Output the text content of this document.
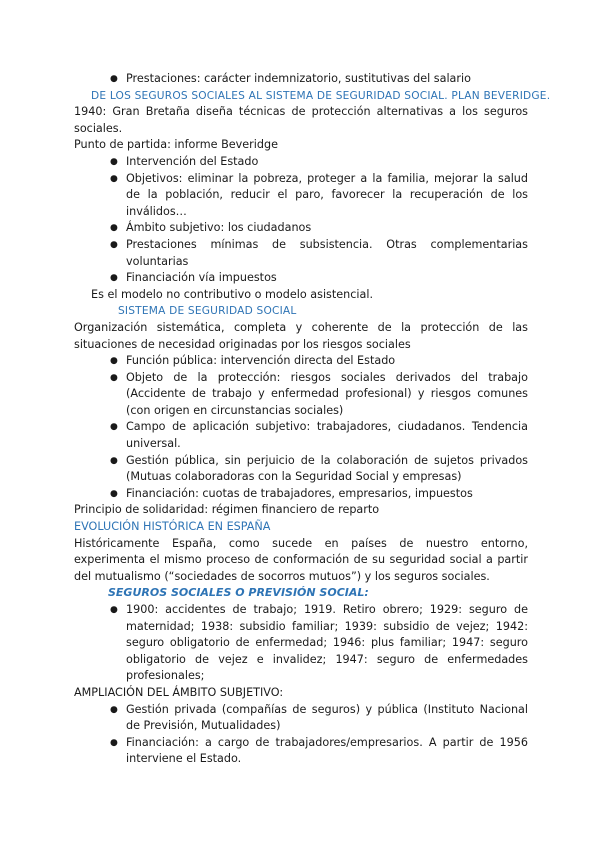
● Prestaciones: carácter indemnizatorio, sustitutivas del salario

DE LOS SEGUROS SOCIALES AL SISTEMA DE SEGURIDAD SOCIAL. PLAN BEVERIDGE.

1940: Gran Bretaña diseña técnicas de protección alternativas a los seguros sociales.

Punto de partida: informe Beveridge

● Intervención del Estado
● Objetivos: eliminar la pobreza, proteger a la familia, mejorar la salud de la población, reducir el paro, favorecer la recuperación de los inválidos…
● Ámbito subjetivo: los ciudadanos
● Prestaciones mínimas de subsistencia. Otras complementarias voluntarias
● Financiación vía impuestos

Es el modelo no contributivo o modelo asistencial.

SISTEMA DE SEGURIDAD SOCIAL

Organización sistemática, completa y coherente de la protección de las situaciones de necesidad originadas por los riesgos sociales

● Función pública: intervención directa del Estado
● Objeto de la protección: riesgos sociales derivados del trabajo (Accidente de trabajo y enfermedad profesional) y riesgos comunes (con origen en circunstancias sociales)
● Campo de aplicación subjetivo: trabajadores, ciudadanos. Tendencia universal.
● Gestión pública, sin perjuicio de la colaboración de sujetos privados (Mutuas colaboradoras con la Seguridad Social y empresas)
● Financiación: cuotas de trabajadores, empresarios, impuestos

Principio de solidaridad: régimen financiero de reparto

EVOLUCIÓN HISTÓRICA EN ESPAÑA

Históricamente España, como sucede en países de nuestro entorno, experimenta el mismo proceso de conformación de su seguridad social a partir del mutualismo (“sociedades de socorros mutuos”) y los seguros sociales.

SEGUROS SOCIALES O PREVISIÓN SOCIAL:

● 1900: accidentes de trabajo; 1919. Retiro obrero; 1929: seguro de maternidad; 1938: subsidio familiar; 1939: subsidio de vejez; 1942: seguro obligatorio de enfermedad; 1946: plus familiar; 1947: seguro obligatorio de vejez e invalidez; 1947: seguro de enfermedades profesionales;

AMPLIACIÓN DEL ÁMBITO SUBJETIVO:

● Gestión privada (compañías de seguros) y pública (Instituto Nacional de Previsión, Mutualidades)
● Financiación: a cargo de trabajadores/empresarios. A partir de 1956 interviene el Estado.
